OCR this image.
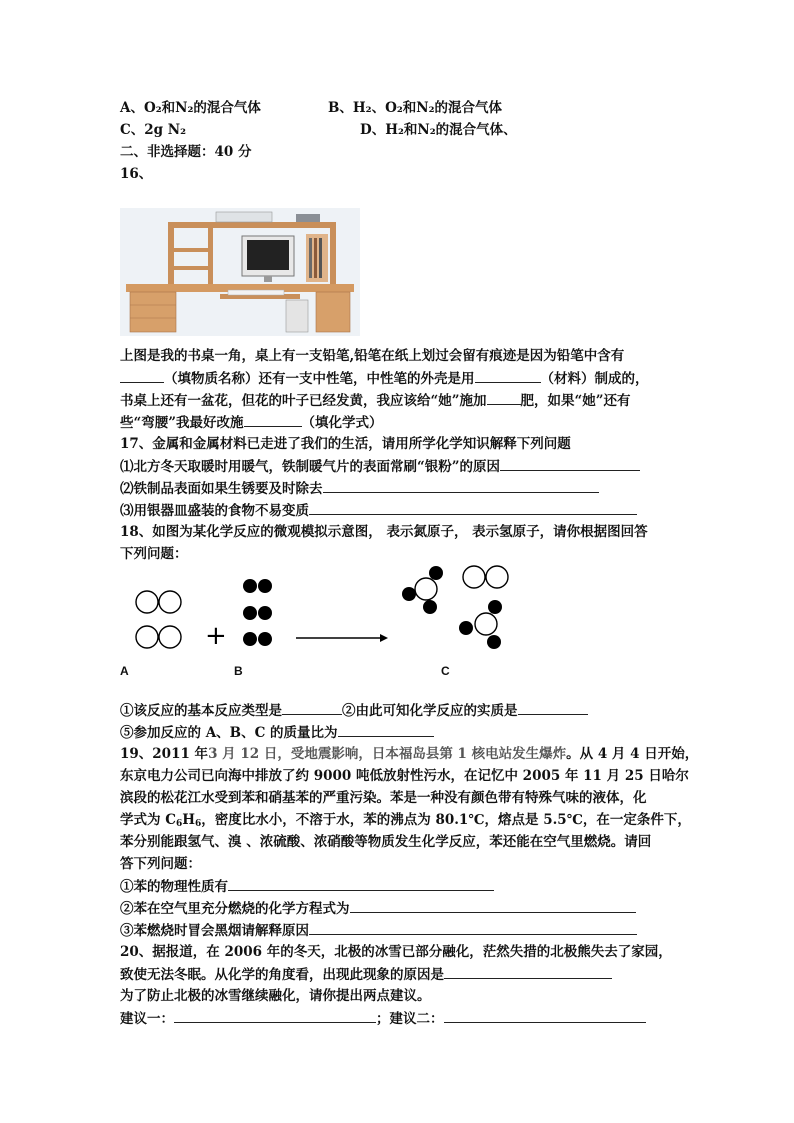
A、O₂和N₂的混合气体	B、H₂、O₂和N₂的混合气体
C、2g N₂	D、H₂和N₂的混合气体、
二、非选择题：40 分
16、
上图是我的书桌一角，桌上有一支铅笔,铅笔在纸上划过会留有痕迹是因为铅笔中含有
（填物质名称）还有一支中性笔，中性笔的外壳是用	（材料）制成的，
书桌上还有一盆花，但花的叶子已经发黄，我应该给“她”施加	肥，如果“她”还有
些“弯腰”我最好改施	（填化学式）
17、金属和金属材料已走进了我们的生活，请用所学化学知识解释下列问题
⑴北方冬天取暖时用暖气，铁制暖气片的表面常刷“银粉”的原因
⑵铁制品表面如果生锈要及时除去
⑶用银器皿盛装的食物不易变质
18、如图为某化学反应的微观模拟示意图， 表示氮原子， 表示氢原子，请你根据图回答
下列问题：
+
A	B	C
①该反应的基本反应类型是	②由此可知化学反应的实质是
⑤参加反应的 A、B、C 的质量比为
19、2011 年3 月 12 日，受地震影响，日本福岛县第 1 核电站发生爆炸。从 4 月 4 日开始，
东京电力公司已向海中排放了约 9000 吨低放射性污水，在记忆中 2005 年 11 月 25 日哈尔
滨段的松花江水受到苯和硝基苯的严重污染。苯是一种没有颜色带有特殊气味的液体，化
学式为 $C_6H_6$，密度比水小，不溶于水，苯的沸点为 80.1℃，熔点是 5.5℃，在一定条件下，
苯分别能跟氢气、溴 、浓硫酸、浓硝酸等物质发生化学反应，苯还能在空气里燃烧。请回
答下列问题：
①苯的物理性质有
②苯在空气里充分燃烧的化学方程式为
③苯燃烧时冒会黑烟请解释原因
20、据报道，在 2006 年的冬天，北极的冰雪已部分融化，茫然失措的北极熊失去了家园，
致使无法冬眠。从化学的角度看，出现此现象的原因是
为了防止北极的冰雪继续融化，请你提出两点建议。
建议一：	；建议二：
